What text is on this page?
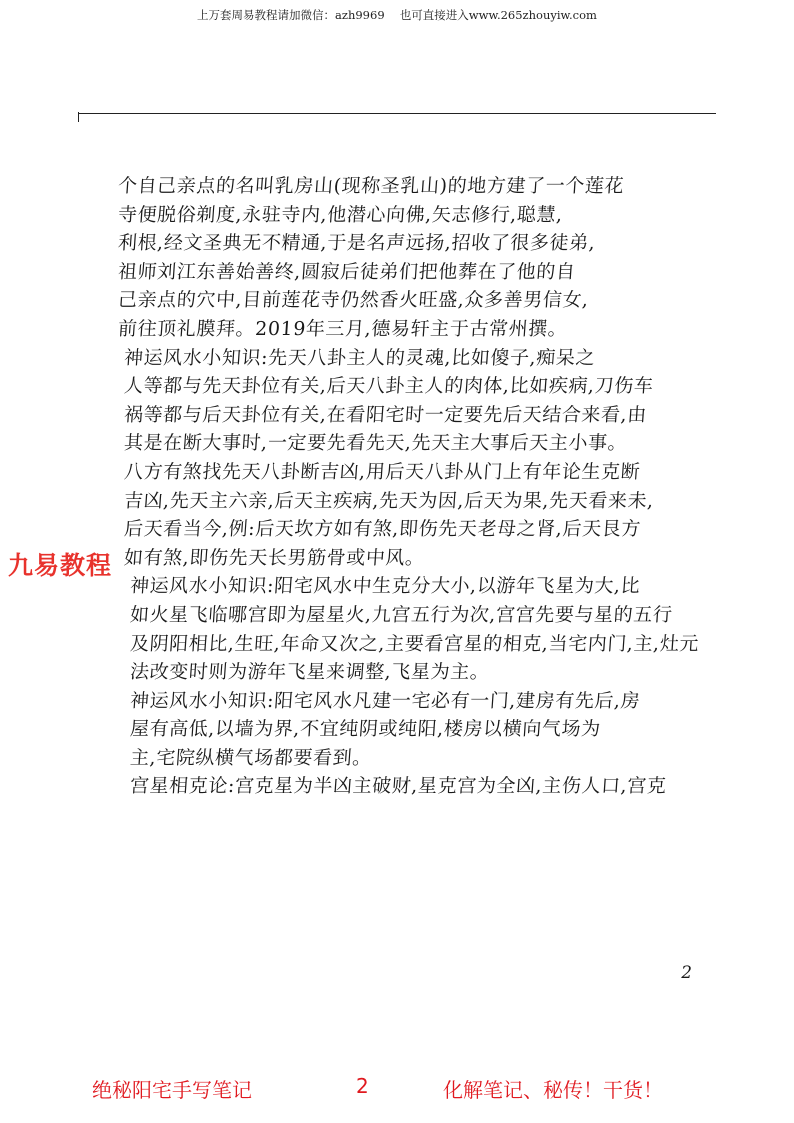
上万套周易教程请加微信：azh9969　 也可直接进入www.265zhouyiw.com
个自己亲点的名叫乳房山(现称圣乳山)的地方建了一个莲花
寺便脱俗剃度,永驻寺内,他潜心向佛,矢志修行,聪慧,
利根,经文圣典无不精通,于是名声远扬,招收了很多徒弟,
祖师刘江东善始善终,圆寂后徒弟们把他葬在了他的自
己亲点的穴中,目前莲花寺仍然香火旺盛,众多善男信女,
前往顶礼膜拜。2019年三月,德易轩主于古常州撰。
神运风水小知识:先天八卦主人的灵魂,比如傻子,痴呆之
人等都与先天卦位有关,后天八卦主人的肉体,比如疾病,刀伤车
祸等都与后天卦位有关,在看阳宅时一定要先后天结合来看,由
其是在断大事时,一定要先看先天,先天主大事后天主小事。
八方有煞找先天八卦断吉凶,用后天八卦从门上有年论生克断
吉凶,先天主六亲,后天主疾病,先天为因,后天为果,先天看来未,
后天看当今,例:后天坎方如有煞,即伤先天老母之肾,后天艮方
如有煞,即伤先天长男筋骨或中风。
神运风水小知识:阳宅风水中生克分大小,以游年飞星为大,比
如火星飞临哪宫即为屋星火,九宫五行为次,宫宫先要与星的五行
及阴阳相比,生旺,年命又次之,主要看宫星的相克,当宅内门,主,灶元
法改变时则为游年飞星来调整,飞星为主。
神运风水小知识:阳宅风水凡建一宅必有一门,建房有先后,房
屋有高低,以墙为界,不宜纯阴或纯阳,楼房以横向气场为
主,宅院纵横气场都要看到。
宫星相克论:宫克星为半凶主破财,星克宫为全凶,主伤人口,宫克
九易教程
2
绝秘阳宅手写笔记	2	化解笔记、秘传！干货！
